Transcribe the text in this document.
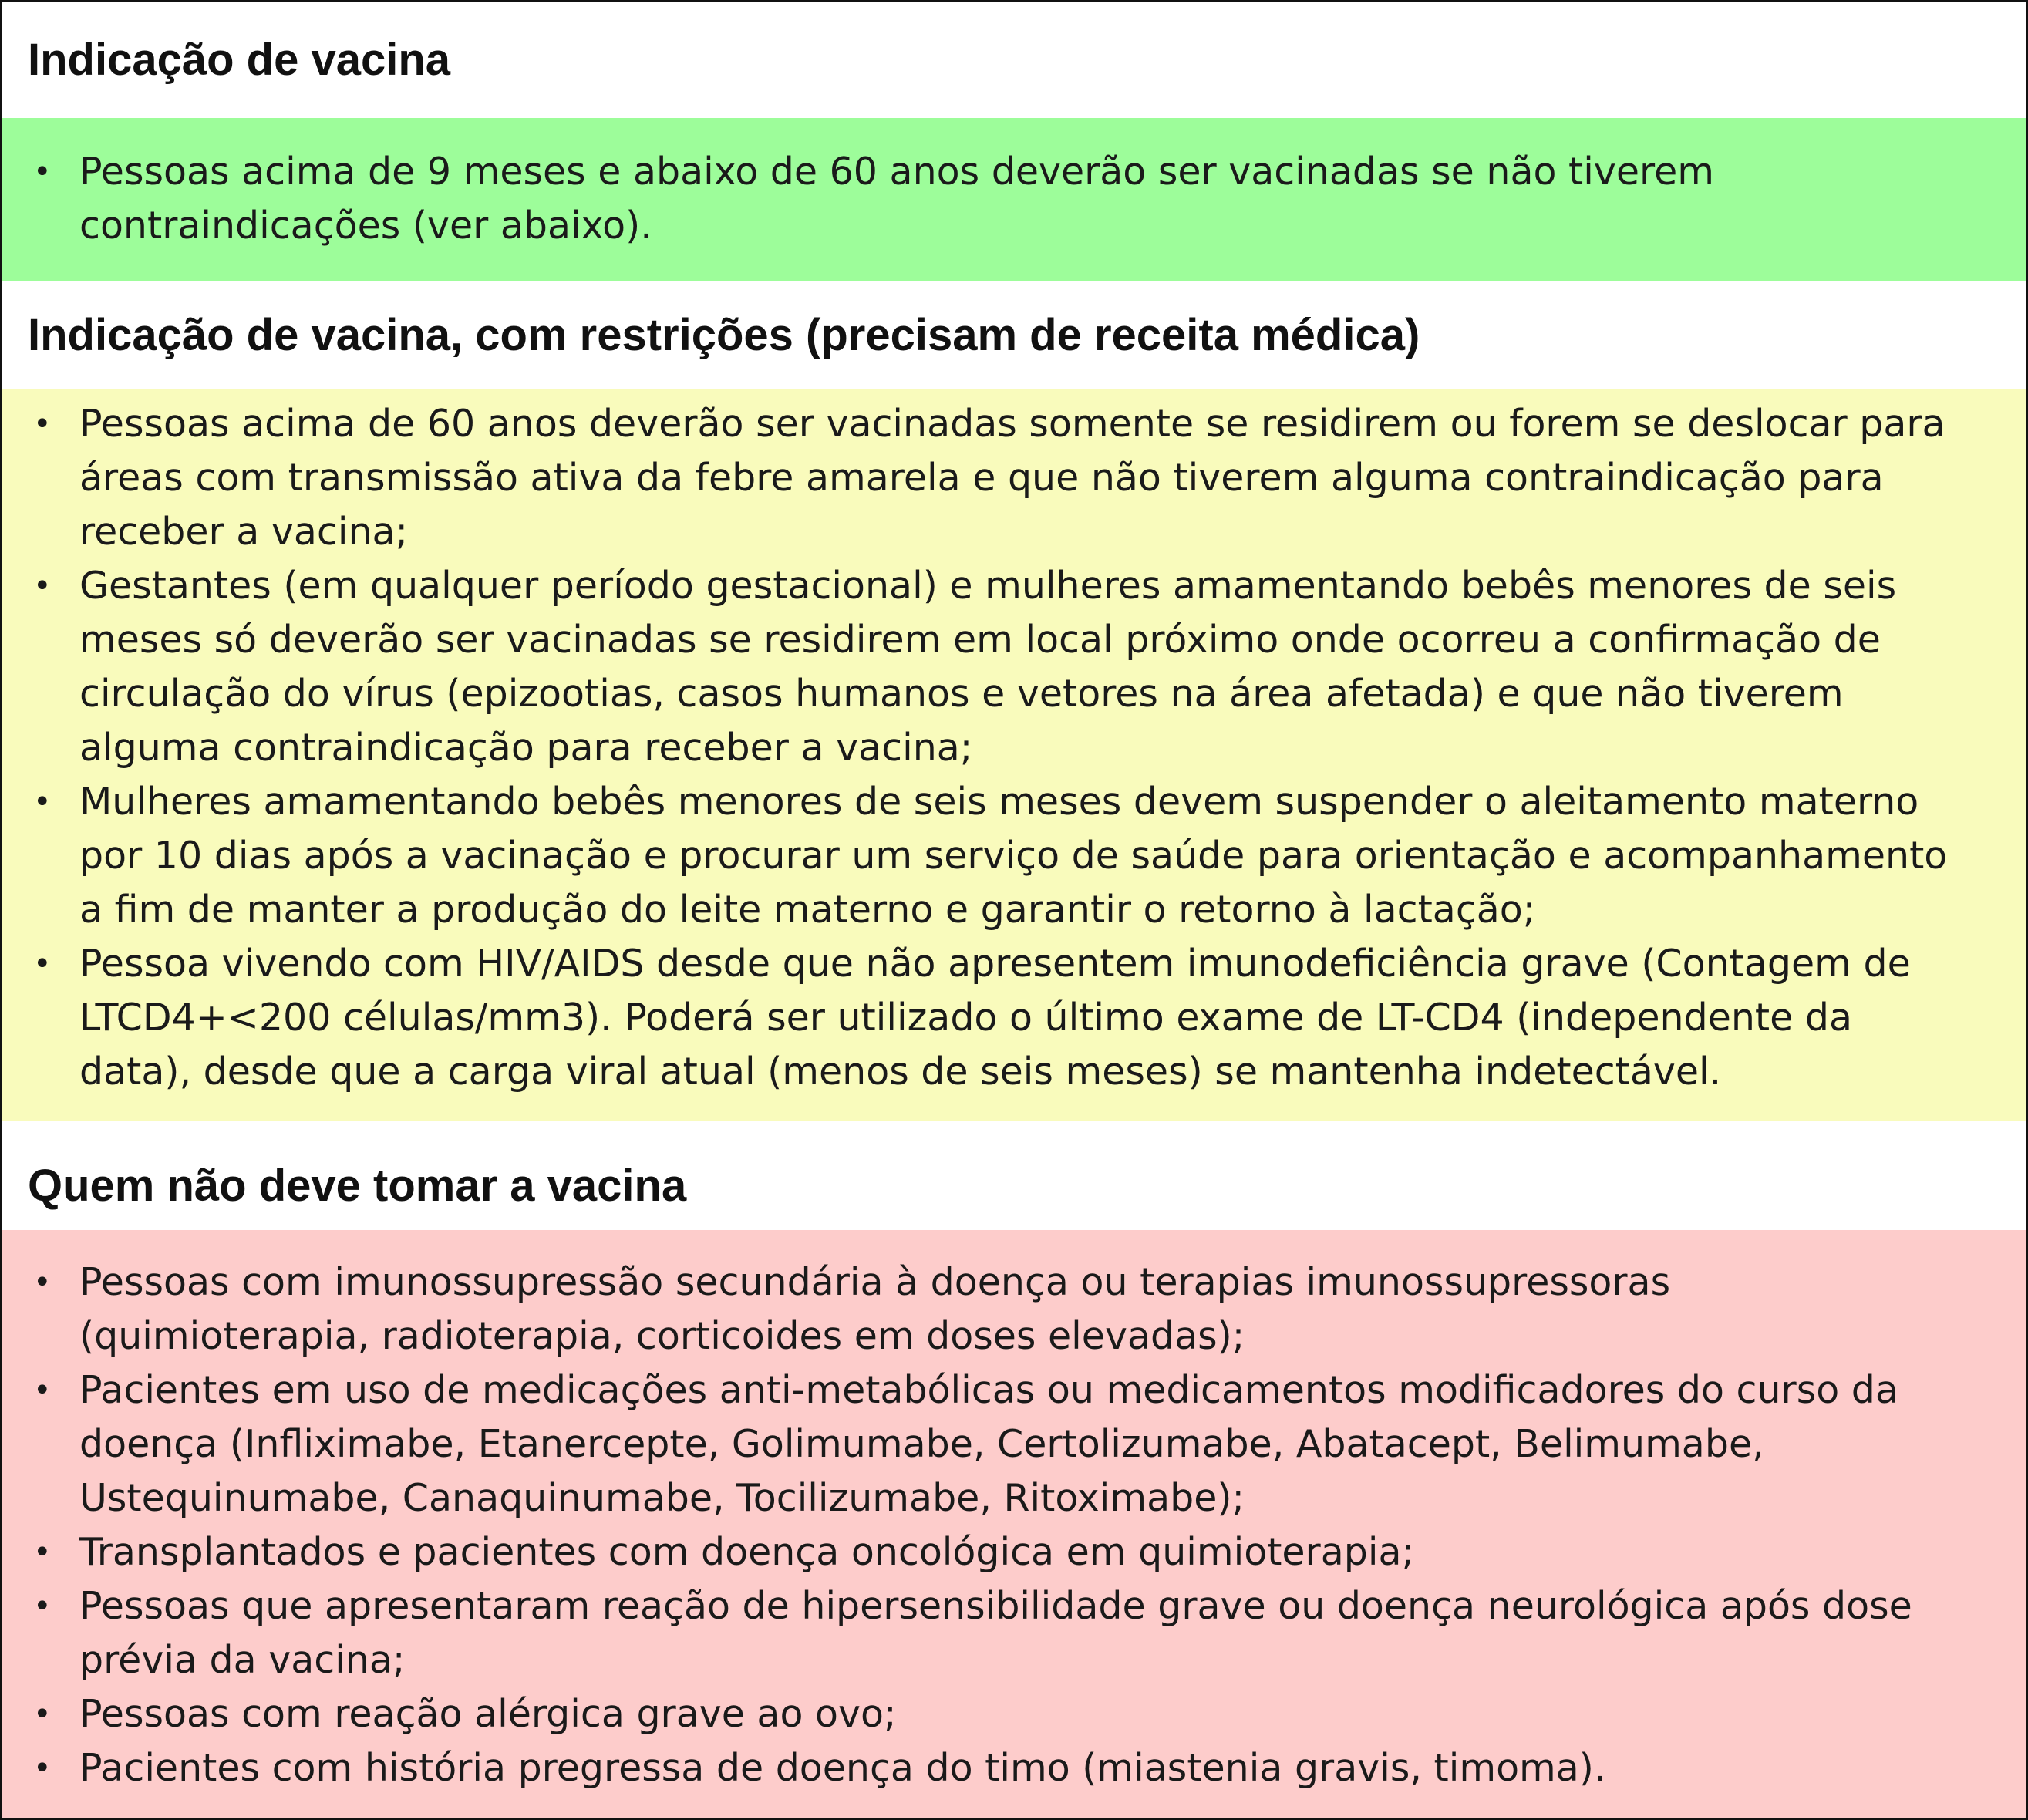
Indicação de vacina
• Pessoas acima de 9 meses e abaixo de 60 anos deverão ser vacinadas se não tiverem contraindicações (ver abaixo).
Indicação de vacina, com restrições (precisam de receita médica)
• Pessoas acima de 60 anos deverão ser vacinadas somente se residirem ou forem se deslocar para áreas com transmissão ativa da febre amarela e que não tiverem alguma contraindicação para receber a vacina;
• Gestantes (em qualquer período gestacional) e mulheres amamentando bebês menores de seis meses só deverão ser vacinadas se residirem em local próximo onde ocorreu a confirmação de circulação do vírus (epizootias, casos humanos e vetores na área afetada) e que não tiverem alguma contraindicação para receber a vacina;
• Mulheres amamentando bebês menores de seis meses devem suspender o aleitamento materno por 10 dias após a vacinação e procurar um serviço de saúde para orientação e acompanhamento a fim de manter a produção do leite materno e garantir o retorno à lactação;
• Pessoa vivendo com HIV/AIDS desde que não apresentem imunodeficiência grave (Contagem de LTCD4+<200 células/mm3). Poderá ser utilizado o último exame de LT-CD4 (independente da data), desde que a carga viral atual (menos de seis meses) se mantenha indetectável.
Quem não deve tomar a vacina
• Pessoas com imunossupressão secundária à doença ou terapias imunossupressoras (quimioterapia, radioterapia, corticoides em doses elevadas);
• Pacientes em uso de medicações anti-metabólicas ou medicamentos modificadores do curso da doença (Infliximabe, Etanercepte, Golimumabe, Certolizumabe, Abatacept, Belimumabe, Ustequinumabe, Canaquinumabe, Tocilizumabe, Ritoximabe);
• Transplantados e pacientes com doença oncológica em quimioterapia;
• Pessoas que apresentaram reação de hipersensibilidade grave ou doença neurológica após dose prévia da vacina;
• Pessoas com reação alérgica grave ao ovo;
• Pacientes com história pregressa de doença do timo (miastenia gravis, timoma).
